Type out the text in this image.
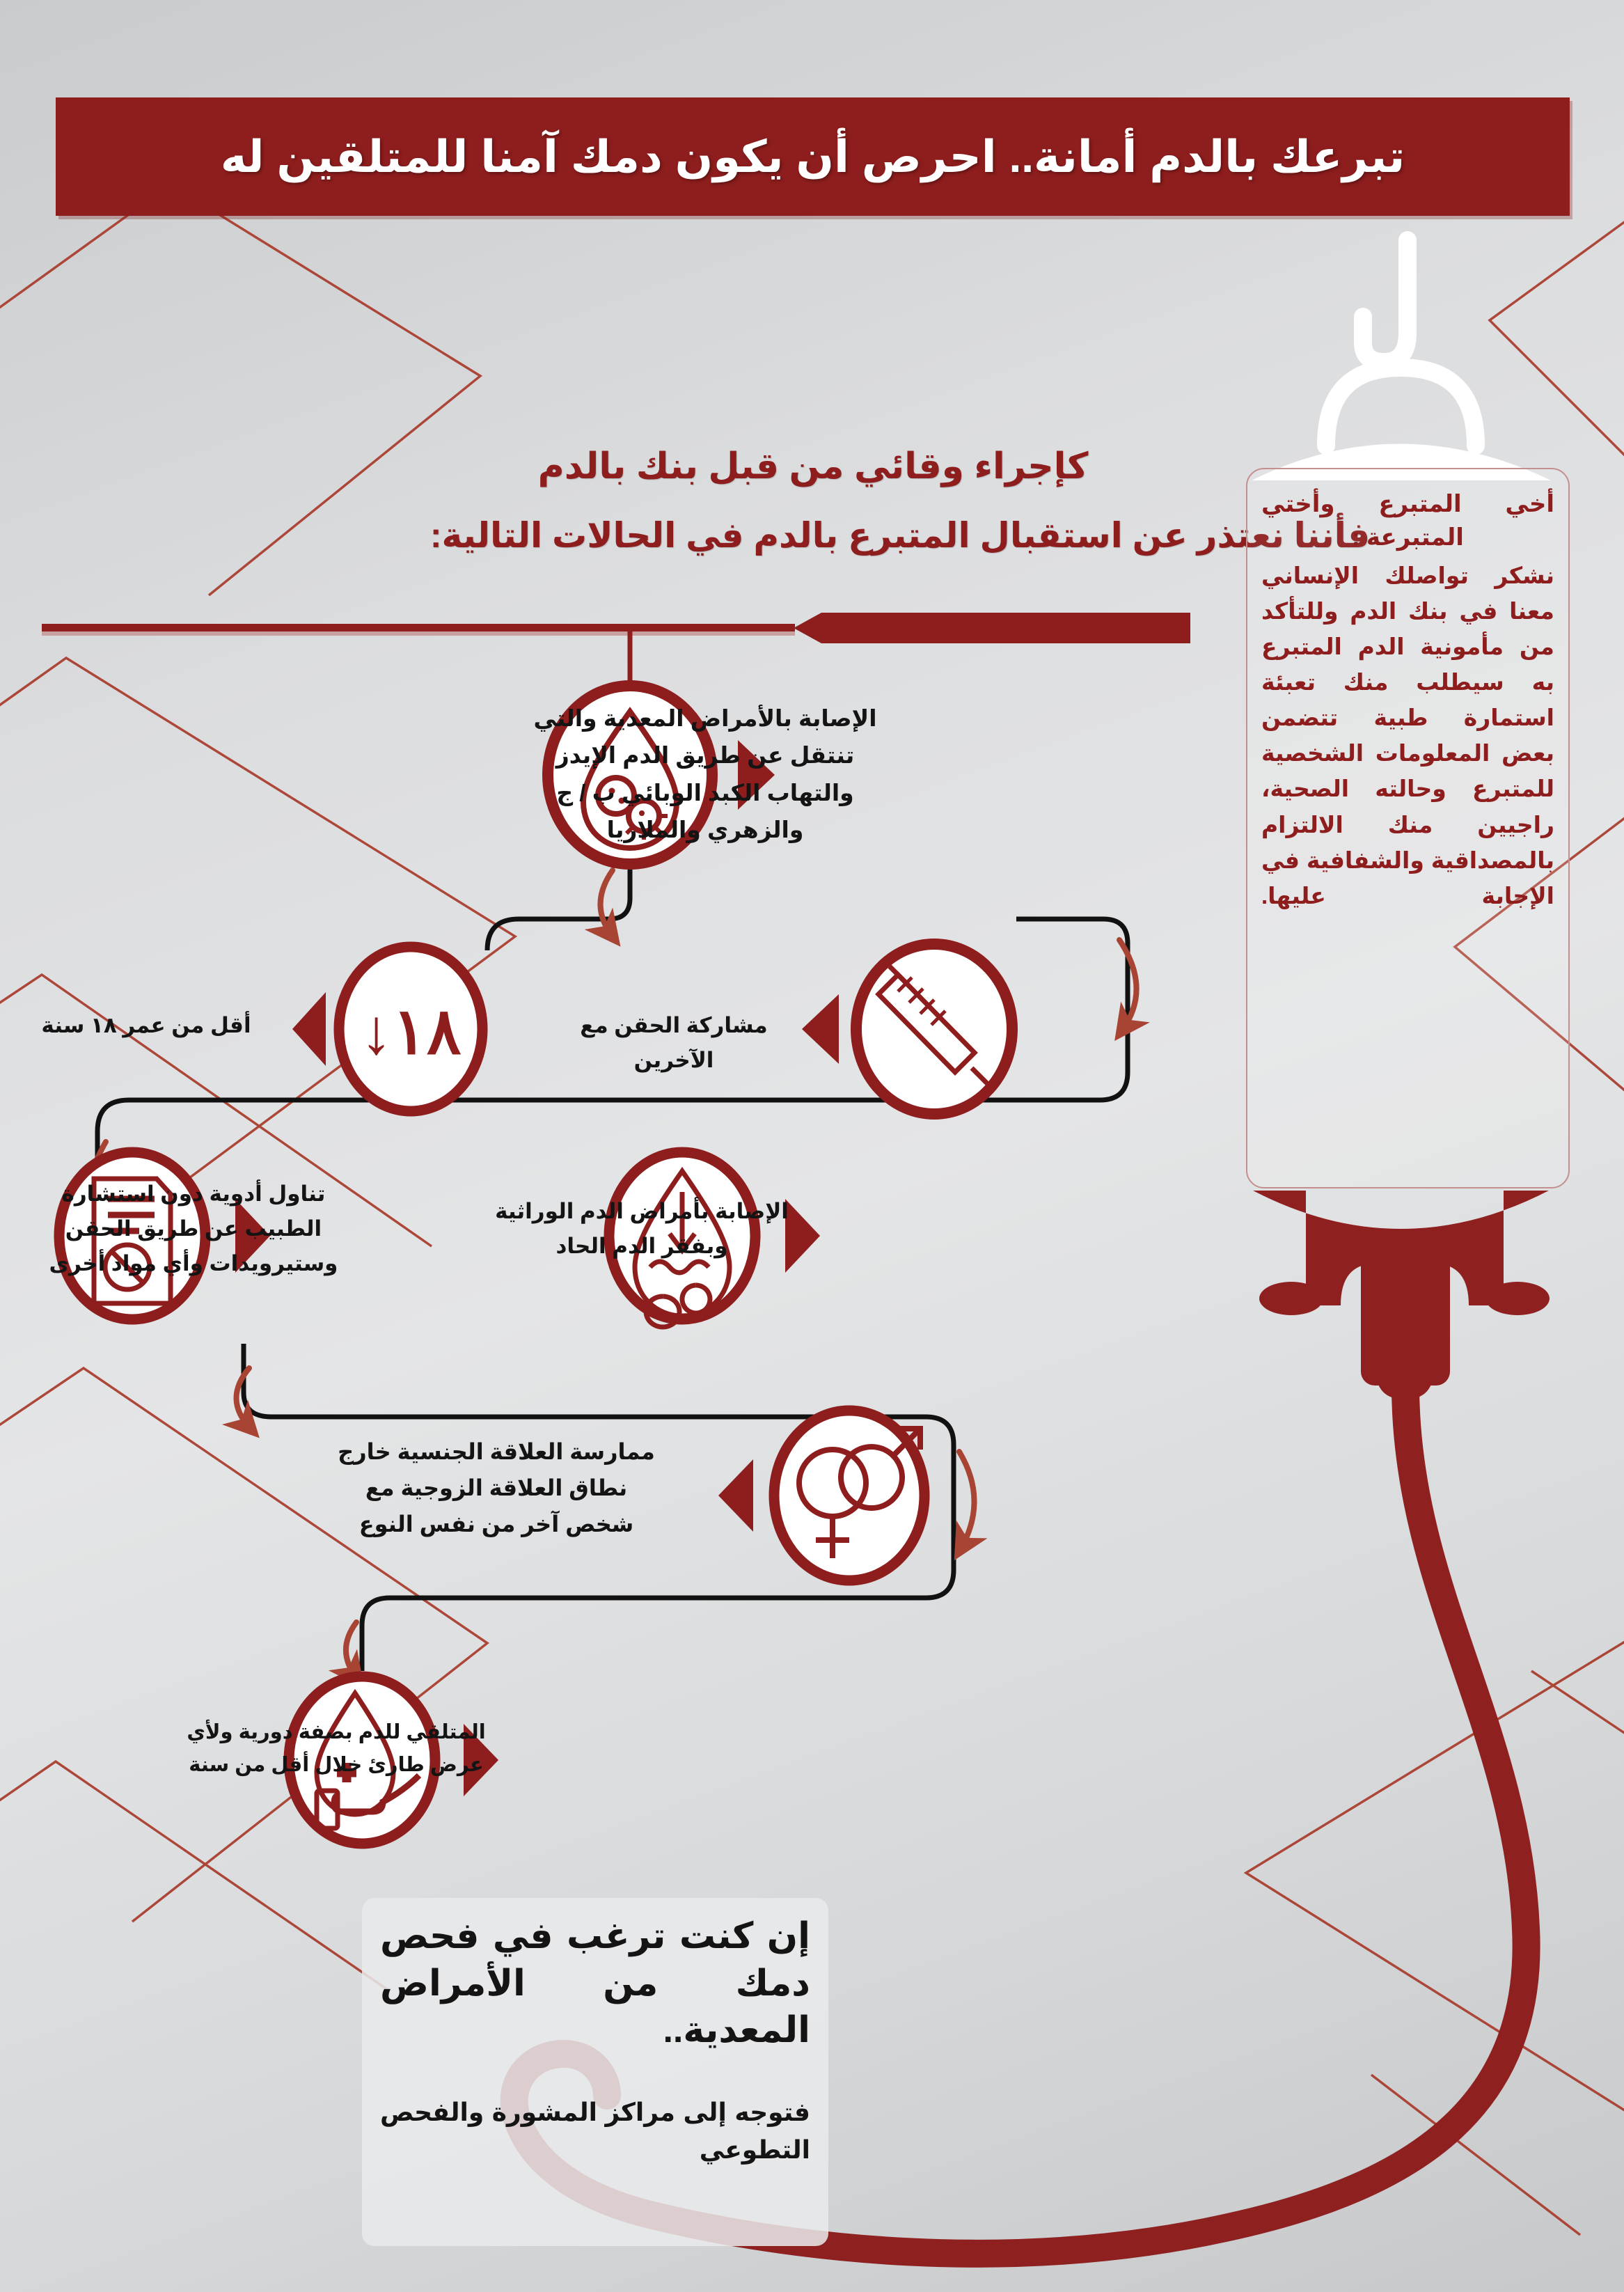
↓١٨
تبرعك بالدم أمانة.. احرص أن يكون دمك آمنا للمتلقين له
كإجراء وقائي من قبل بنك بالدم
فأننا نعتذر عن استقبال المتبرع بالدم في الحالات التالية:
أخي المتبرع وأختي
المتبرعة :
نشكر تواصلك الإنساني معنا في بنك الدم وللتأكد من مأمونية الدم المتبرع به سيطلب منك تعبئة استمارة طبية تتضمن بعض المعلومات الشخصية للمتبرع وحالته الصحية، راجيين منك الالتزام بالمصداقية والشفافية في الإجابة عليها.
الإصابة بالأمراض المعدية والتي تنتقل عن طريق الدم الإيدز والتهاب الكبد الوبائي ب / ج والزهري والملاريا
مشاركة الحقن مع الآخرين
أقل من عمر ١٨ سنة
الإصابة بأمراض الدم الوراثية وبفقر الدم الحاد
تناول أدوية دون استشارة الطبيب عن طريق الحقن وستيرويدات وأي مواد أخرى
ممارسة العلاقة الجنسية خارج نطاق العلاقة الزوجية مع شخص آخر من نفس النوع
المتلقي للدم بصفة دورية ولأي عرض طارئ خلال أقل من سنة
إن كنت ترغب في فحص دمك من الأمراض المعدية..
فتوجه إلى مراكز المشورة والفحص التطوعي
